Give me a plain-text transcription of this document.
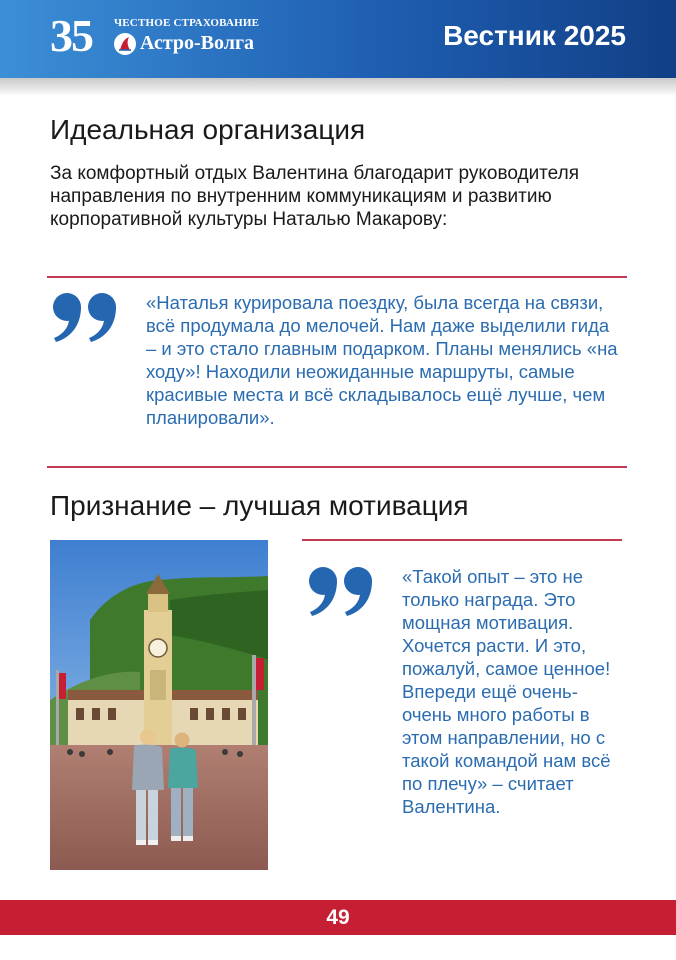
35 ЧЕСТНОЕ СТРАХОВАНИЕ
Астро-Волга	Вестник 2025
Идеальная организация

За комфортный отдых Валентина благодарит руководителя направления по внутренним коммуникациям и развитию корпоративной культуры Наталью Макарову:

«Наталья курировала поездку, была всегда на связи, всё продумала до мелочей. Нам даже выделили гида – и это стало главным подарком. Планы менялись «на ходу»! Находили неожиданные маршруты, самые красивые места и всё складывалось ещё лучше, чем планировали».

Признание – лучшая мотивация

«Такой опыт – это не только награда. Это мощная мотивация. Хочется расти. И это, пожалуй, самое ценное! Впереди ещё очень-очень много работы в этом направлении, но с такой командой нам всё по плечу» – считает Валентина.

49
